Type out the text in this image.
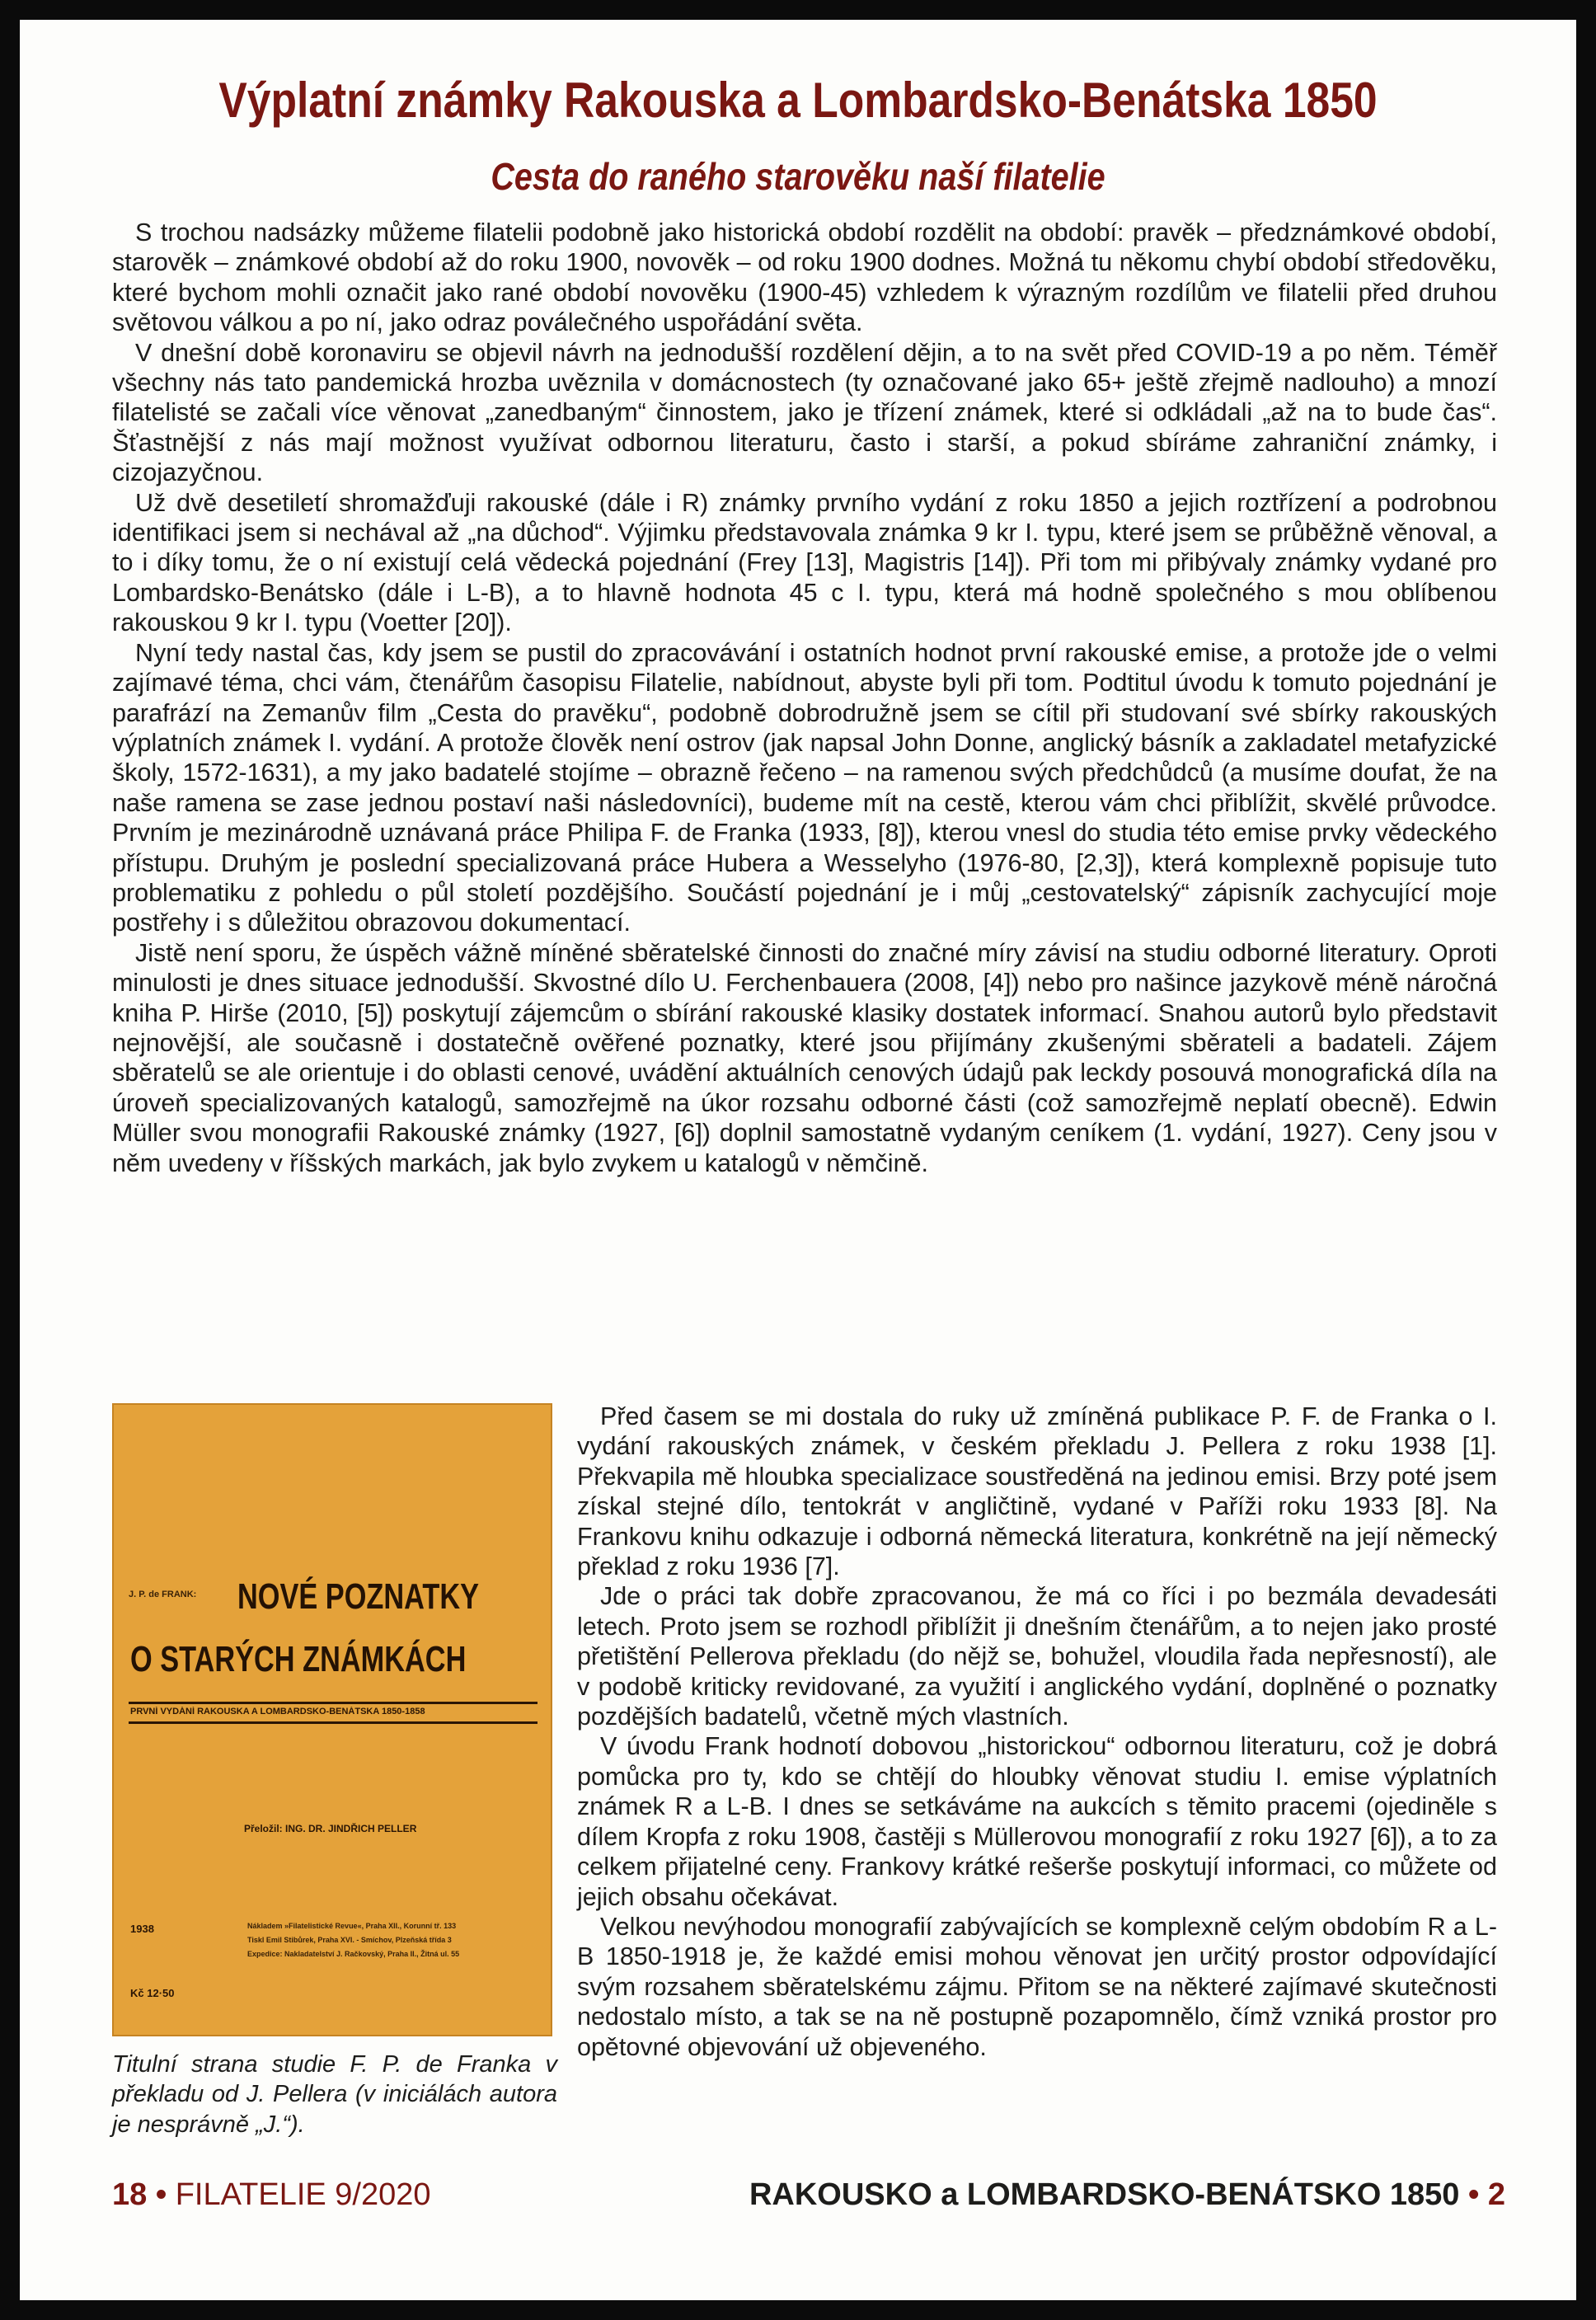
Výplatní známky Rakouska a Lombardsko-Benátska 1850
Cesta do raného starověku naší filatelie

S trochou nadsázky můžeme filatelii podobně jako historická období rozdělit na období: pravěk – předznámkové období, starověk – známkové období až do roku 1900, novověk – od roku 1900 dodnes. Možná tu někomu chybí období středověku, které bychom mohli označit jako rané období novověku (1900-45) vzhledem k výrazným rozdílům ve filatelii před druhou světovou válkou a po ní, jako odraz poválečného uspořádání světa.

V dnešní době koronaviru se objevil návrh na jednodušší rozdělení dějin, a to na svět před COVID-19 a po něm. Téměř všechny nás tato pandemická hrozba uvěznila v domácnostech (ty označované jako 65+ ještě zřejmě nadlouho) a mnozí filatelisté se začali více věnovat „zanedbaným“ činnostem, jako je třízení známek, které si odkládali „až na to bude čas“. Šťastnější z nás mají možnost využívat odbornou literaturu, často i starší, a pokud sbíráme zahraniční známky, i cizojazyčnou.

Už dvě desetiletí shromažďuji rakouské (dále i R) známky prvního vydání z roku 1850 a jejich roztřízení a podrobnou identifikaci jsem si nechával až „na důchod“. Výjimku představovala známka 9 kr I. typu, které jsem se průběžně věnoval, a to i díky tomu, že o ní existují celá vědecká pojednání (Frey [13], Magistris [14]). Při tom mi přibývaly známky vydané pro Lombardsko-Benátsko (dále i L-B), a to hlavně hodnota 45 c I. typu, která má hodně společného s mou oblíbenou rakouskou 9 kr I. typu (Voetter [20]).

Nyní tedy nastal čas, kdy jsem se pustil do zpracovávání i ostatních hodnot první rakouské emise, a protože jde o velmi zajímavé téma, chci vám, čtenářům časopisu Filatelie, nabídnout, abyste byli při tom. Podtitul úvodu k tomuto pojednání je parafrází na Zemanův film „Cesta do pravěku“, podobně dobrodružně jsem se cítil při studovaní své sbírky rakouských výplatních známek I. vydání. A protože člověk není ostrov (jak napsal John Donne, anglický básník a zakladatel metafyzické školy, 1572-1631), a my jako badatelé stojíme – obrazně řečeno – na ramenou svých předchůdců (a musíme doufat, že na naše ramena se zase jednou postaví naši následovníci), budeme mít na cestě, kterou vám chci přiblížit, skvělé průvodce. Prvním je mezinárodně uznávaná práce Philipa F. de Franka (1933, [8]), kterou vnesl do studia této emise prvky vědeckého přístupu. Druhým je poslední specializovaná práce Hubera a Wesselyho (1976-80, [2,3]), která komplexně popisuje tuto problematiku z pohledu o půl století pozdějšího. Součástí pojednání je i můj „cestovatelský“ zápisník zachycující moje postřehy i s důležitou obrazovou dokumentací.

Jistě není sporu, že úspěch vážně míněné sběratelské činnosti do značné míry závisí na studiu odborné literatury. Oproti minulosti je dnes situace jednodušší. Skvostné dílo U. Ferchenbauera (2008, [4]) nebo pro našince jazykově méně náročná kniha P. Hiršе (2010, [5]) poskytují zájemcům o sbírání rakouské klasiky dostatek informací. Snahou autorů bylo představit nejnovější, ale současně i dostatečně ověřené poznatky, které jsou přijímány zkušenými sběrateli a badateli. Zájem sběratelů se ale orientuje i do oblasti cenové, uvádění aktuálních cenových údajů pak leckdy posouvá monografická díla na úroveň specializovaných katalogů, samozřejmě na úkor rozsahu odborné části (což samozřejmě neplatí obecně). Edwin Müller svou monografii Rakouské známky (1927, [6]) doplnil samostatně vydaným ceníkem (1. vydání, 1927). Ceny jsou v něm uvedeny v říšských markách, jak bylo zvykem u katalogů v němčině.

J. P. de FRANK: NOVÉ POZNATKY
O STARÝCH ZNÁMKÁCH
PRVNÍ VYDÁNÍ RAKOUSKA A LOMBARDSKO-BENÁTSKA 1850-1858
Přeložil: ING. DR. JINDŘICH PELLER
1938
Kč 12·50
Nákladem »Filatelistické Revue«, Praha XII., Korunní tř. 133
Tiskl Emil Stibůrek, Praha XVI. - Smíchov, Plzeňská třída 3
Expedice: Nakladatelství J. Račkovský, Praha II., Žitná ul. 55
Titulní strana studie F. P. de Franka v překladu od J. Pellera (v iniciálách autora je nesprávně „J.“).

Před časem se mi dostala do ruky už zmíněná publikace P. F. de Franka o I. vydání rakouských známek, v českém překladu J. Pellera z roku 1938 [1]. Překvapila mě hloubka specializace soustředěná na jedinou emisi. Brzy poté jsem získal stejné dílo, tentokrát v angličtině, vydané v Paříži roku 1933 [8]. Na Frankovu knihu odkazuje i odborná německá literatura, konkrétně na její německý překlad z roku 1936 [7].

Jde o práci tak dobře zpracovanou, že má co říci i po bezmála devadesáti letech. Proto jsem se rozhodl přiblížit ji dnešním čtenářům, a to nejen jako prosté přetištění Pellerova překladu (do nějž se, bohužel, vloudila řada nepřesností), ale v podobě kriticky revidované, za využití i anglického vydání, doplněné o poznatky pozdějších badatelů, včetně mých vlastních.

V úvodu Frank hodnotí dobovou „historickou“ odbornou literaturu, což je dobrá pomůcka pro ty, kdo se chtějí do hloubky věnovat studiu I. emise výplatních známek R a L-B. I dnes se setkáváme na aukcích s těmito pracemi (ojediněle s dílem Kropfa z roku 1908, častěji s Müllerovou monografií z roku 1927 [6]), a to za celkem přijatelné ceny. Frankovy krátké rešerše poskytují informaci, co můžete od jejich obsahu očekávat.

Velkou nevýhodou monografií zabývajících se komplexně celým obdobím R a L-B 1850-1918 je, že každé emisi mohou věnovat jen určitý prostor odpovídající svým rozsahem sběratelskému zájmu. Přitom se na některé zajímavé skutečnosti nedostalo místo, a tak se na ně postupně pozapomnělo, čímž vzniká prostor pro opětovné objevování už objeveného.

18 • FILATELIE 9/2020	RAKOUSKO a LOMBARDSKO-BENÁTSKO 1850 • 2
